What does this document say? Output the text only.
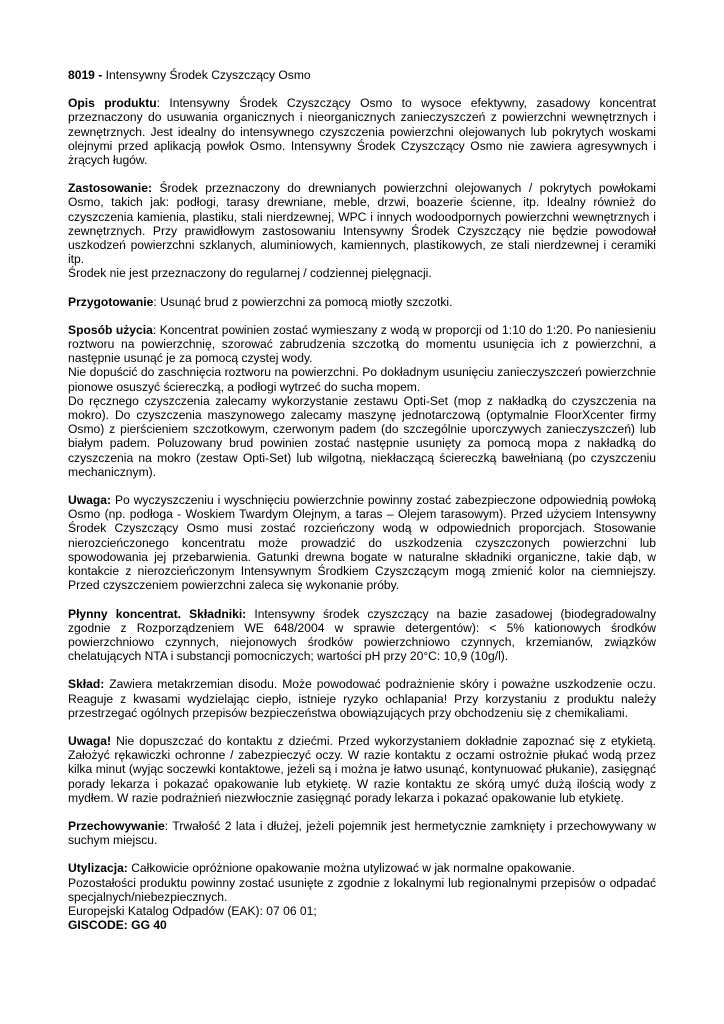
8019 - Intensywny Środek Czyszczący Osmo
Opis produktu: Intensywny Środek Czyszczący Osmo to wysoce efektywny, zasadowy koncentrat przeznaczony do usuwania organicznych i nieorganicznych zanieczyszczeń z powierzchni wewnętrznych i zewnętrznych. Jest idealny do intensywnego czyszczenia powierzchni olejowanych lub pokrytych woskami olejnymi przed aplikacją powłok Osmo. Intensywny Środek Czyszczący Osmo nie zawiera agresywnych i żrących ługów.

Zastosowanie: Środek przeznaczony do drewnianych powierzchni olejowanych / pokrytych powłokami Osmo, takich jak: podłogi, tarasy drewniane, meble, drzwi, boazerie ścienne, itp. Idealny również do czyszczenia kamienia, plastiku, stali nierdzewnej, WPC i innych wodoodpornych powierzchni wewnętrznych i zewnętrznych. Przy prawidłowym zastosowaniu Intensywny Środek Czyszczący nie będzie powodował uszkodzeń powierzchni szklanych, aluminiowych, kamiennych, plastikowych, ze stali nierdzewnej i ceramiki itp.

Środek nie jest przeznaczony do regularnej / codziennej pielęgnacji.

Przygotowanie: Usunąć brud z powierzchni za pomocą miotły szczotki.

Sposób użycia: Koncentrat powinien zostać wymieszany z wodą w proporcji od 1:10 do 1:20. Po naniesieniu roztworu na powierzchnię, szorować zabrudzenia szczotką do momentu usunięcia ich z powierzchni, a następnie usunąć je za pomocą czystej wody.

Nie dopuścić do zaschnięcia roztworu na powierzchni. Po dokładnym usunięciu zanieczyszczeń powierzchnie pionowe osuszyć ściereczką, a podłogi wytrzeć do sucha mopem.

Do ręcznego czyszczenia zalecamy wykorzystanie zestawu Opti-Set (mop z nakładką do czyszczenia na mokro). Do czyszczenia maszynowego zalecamy maszynę jednotarczową (optymalnie FloorXcenter firmy Osmo) z pierścieniem szczotkowym, czerwonym padem (do szczególnie uporczywych zanieczyszczeń) lub białym padem. Poluzowany brud powinien zostać następnie usunięty za pomocą mopa z nakładką do czyszczenia na mokro (zestaw Opti-Set) lub wilgotną, niekłaczącą ściereczką bawełnianą (po czyszczeniu mechanicznym).

Uwaga: Po wyczyszczeniu i wyschnięciu powierzchnie powinny zostać zabezpieczone odpowiednią powłoką Osmo (np. podłoga - Woskiem Twardym Olejnym, a taras – Olejem tarasowym). Przed użyciem Intensywny Środek Czyszczący Osmo musi zostać rozcieńczony wodą w odpowiednich proporcjach. Stosowanie nierozcieńczonego koncentratu może prowadzić do uszkodzenia czyszczonych powierzchni lub spowodowania jej przebarwienia. Gatunki drewna bogate w naturalne składniki organiczne, takie dąb, w kontakcie z nierozcieńczonym Intensywnym Środkiem Czyszczącym mogą zmienić kolor na ciemniejszy. Przed czyszczeniem powierzchni zaleca się wykonanie próby.
Płynny koncentrat. Składniki: Intensywny środek czyszczący na bazie zasadowej (biodegradowalny zgodnie z Rozporządzeniem WE 648/2004 w sprawie detergentów): < 5% kationowych środków powierzchniowo czynnych, niejonowych środków powierzchniowo czynnych, krzemianów, związków chelatujących NTA i substancji pomocniczych; wartości pH przy 20°C: 10,9 (10g/l).
Skład: Zawiera metakrzemian disodu. Może powodować podrażnienie skóry i poważne uszkodzenie oczu. Reaguje z kwasami wydzielając ciepło, istnieje ryzyko ochlapania! Przy korzystaniu z produktu należy przestrzegać ogólnych przepisów bezpieczeństwa obowiązujących przy obchodzeniu się z chemikaliami.
Uwaga! Nie dopuszczać do kontaktu z dziećmi. Przed wykorzystaniem dokładnie zapoznać się z etykietą. Założyć rękawiczki ochronne / zabezpieczyć oczy. W razie kontaktu z oczami ostrożnie płukać wodą przez kilka minut (wyjąc soczewki kontaktowe, jeżeli są i można je łatwo usunąć, kontynuować płukanie), zasięgnąć porady lekarza i pokazać opakowanie lub etykietę. W razie kontaktu ze skórą umyć dużą ilością wody z mydłem. W razie podrażnień niezwłocznie zasięgnąć porady lekarza i pokazać opakowanie lub etykietę.
Przechowywanie: Trwałość 2 lata i dłużej, jeżeli pojemnik jest hermetycznie zamknięty i przechowywany w suchym miejscu.

Utylizacja: Całkowicie opróżnione opakowanie można utylizować w jak normalne opakowanie.

Pozostałości produktu powinny zostać usunięte z zgodnie z lokalnymi lub regionalnymi przepisów o odpadać specjalnych/niebezpiecznych.

Europejski Katalog Odpadów (EAK): 07 06 01;

GISCODE: GG 40
